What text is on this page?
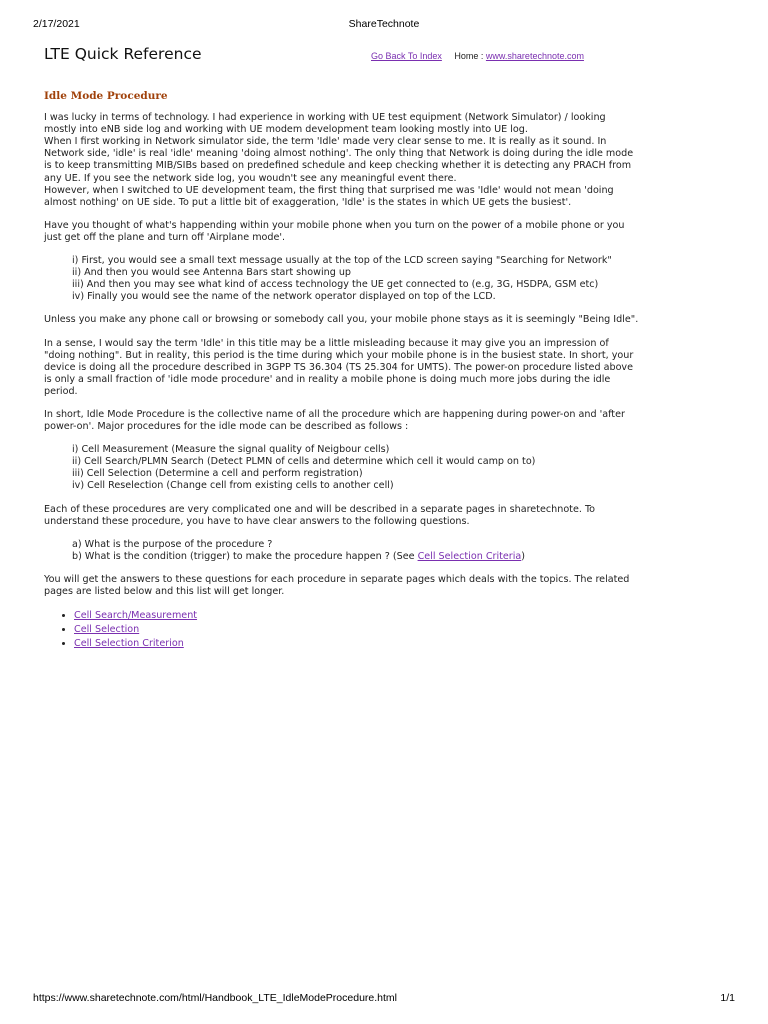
2/17/2021	ShareTechnote
LTE Quick Reference	Go Back To Index Home : www.sharetechnote.com
Idle Mode Procedure

I was lucky in terms of technology. I had experience in working with UE test equipment (Network Simulator) / looking mostly into eNB side log and working with UE modem development team looking mostly into UE log.
When I first working in Network simulator side, the term 'Idle' made very clear sense to me. It is really as it sound. In Network side, 'idle' is real 'idle' meaning 'doing almost nothing'. The only thing that Network is doing during the idle mode is to keep transmitting MIB/SIBs based on predefined schedule and keep checking whether it is detecting any PRACH from any UE. If you see the network side log, you woudn't see any meaningful event there.
However, when I switched to UE development team, the first thing that surprised me was 'Idle' would not mean 'doing almost nothing' on UE side. To put a little bit of exaggeration, 'Idle' is the states in which UE gets the busiest'.

Have you thought of what's happending within your mobile phone when you turn on the power of a mobile phone or you just get off the plane and turn off 'Airplane mode'.

i) First, you would see a small text message usually at the top of the LCD screen saying "Searching for Network"
ii) And then you would see Antenna Bars start showing up
iii) And then you may see what kind of access technology the UE get connected to (e.g, 3G, HSDPA, GSM etc)
iv) Finally you would see the name of the network operator displayed on top of the LCD.

Unless you make any phone call or browsing or somebody call you, your mobile phone stays as it is seemingly "Being Idle".

In a sense, I would say the term 'Idle' in this title may be a little misleading because it may give you an impression of "doing nothing". But in reality, this period is the time during which your mobile phone is in the busiest state. In short, your device is doing all the procedure described in 3GPP TS 36.304 (TS 25.304 for UMTS). The power-on procedure listed above is only a small fraction of 'idle mode procedure' and in reality a mobile phone is doing much more jobs during the idle period.

In short, Idle Mode Procedure is the collective name of all the procedure which are happening during power-on and 'after power-on'. Major procedures for the idle mode can be described as follows :

i) Cell Measurement (Measure the signal quality of Neigbour cells)
ii) Cell Search/PLMN Search (Detect PLMN of cells and determine which cell it would camp on to)
iii) Cell Selection (Determine a cell and perform registration)
iv) Cell Reselection (Change cell from existing cells to another cell)

Each of these procedures are very complicated one and will be described in a separate pages in sharetechnote. To understand these procedure, you have to have clear answers to the following questions.

a) What is the purpose of the procedure ?
b) What is the condition (trigger) to make the procedure happen ? (See Cell Selection Criteria)

You will get the answers to these questions for each procedure in separate pages which deals with the topics. The related pages are listed below and this list will get longer.

• Cell Search/Measurement
• Cell Selection
• Cell Selection Criterion
https://www.sharetechnote.com/html/Handbook_LTE_IdleModeProcedure.html	1/1
